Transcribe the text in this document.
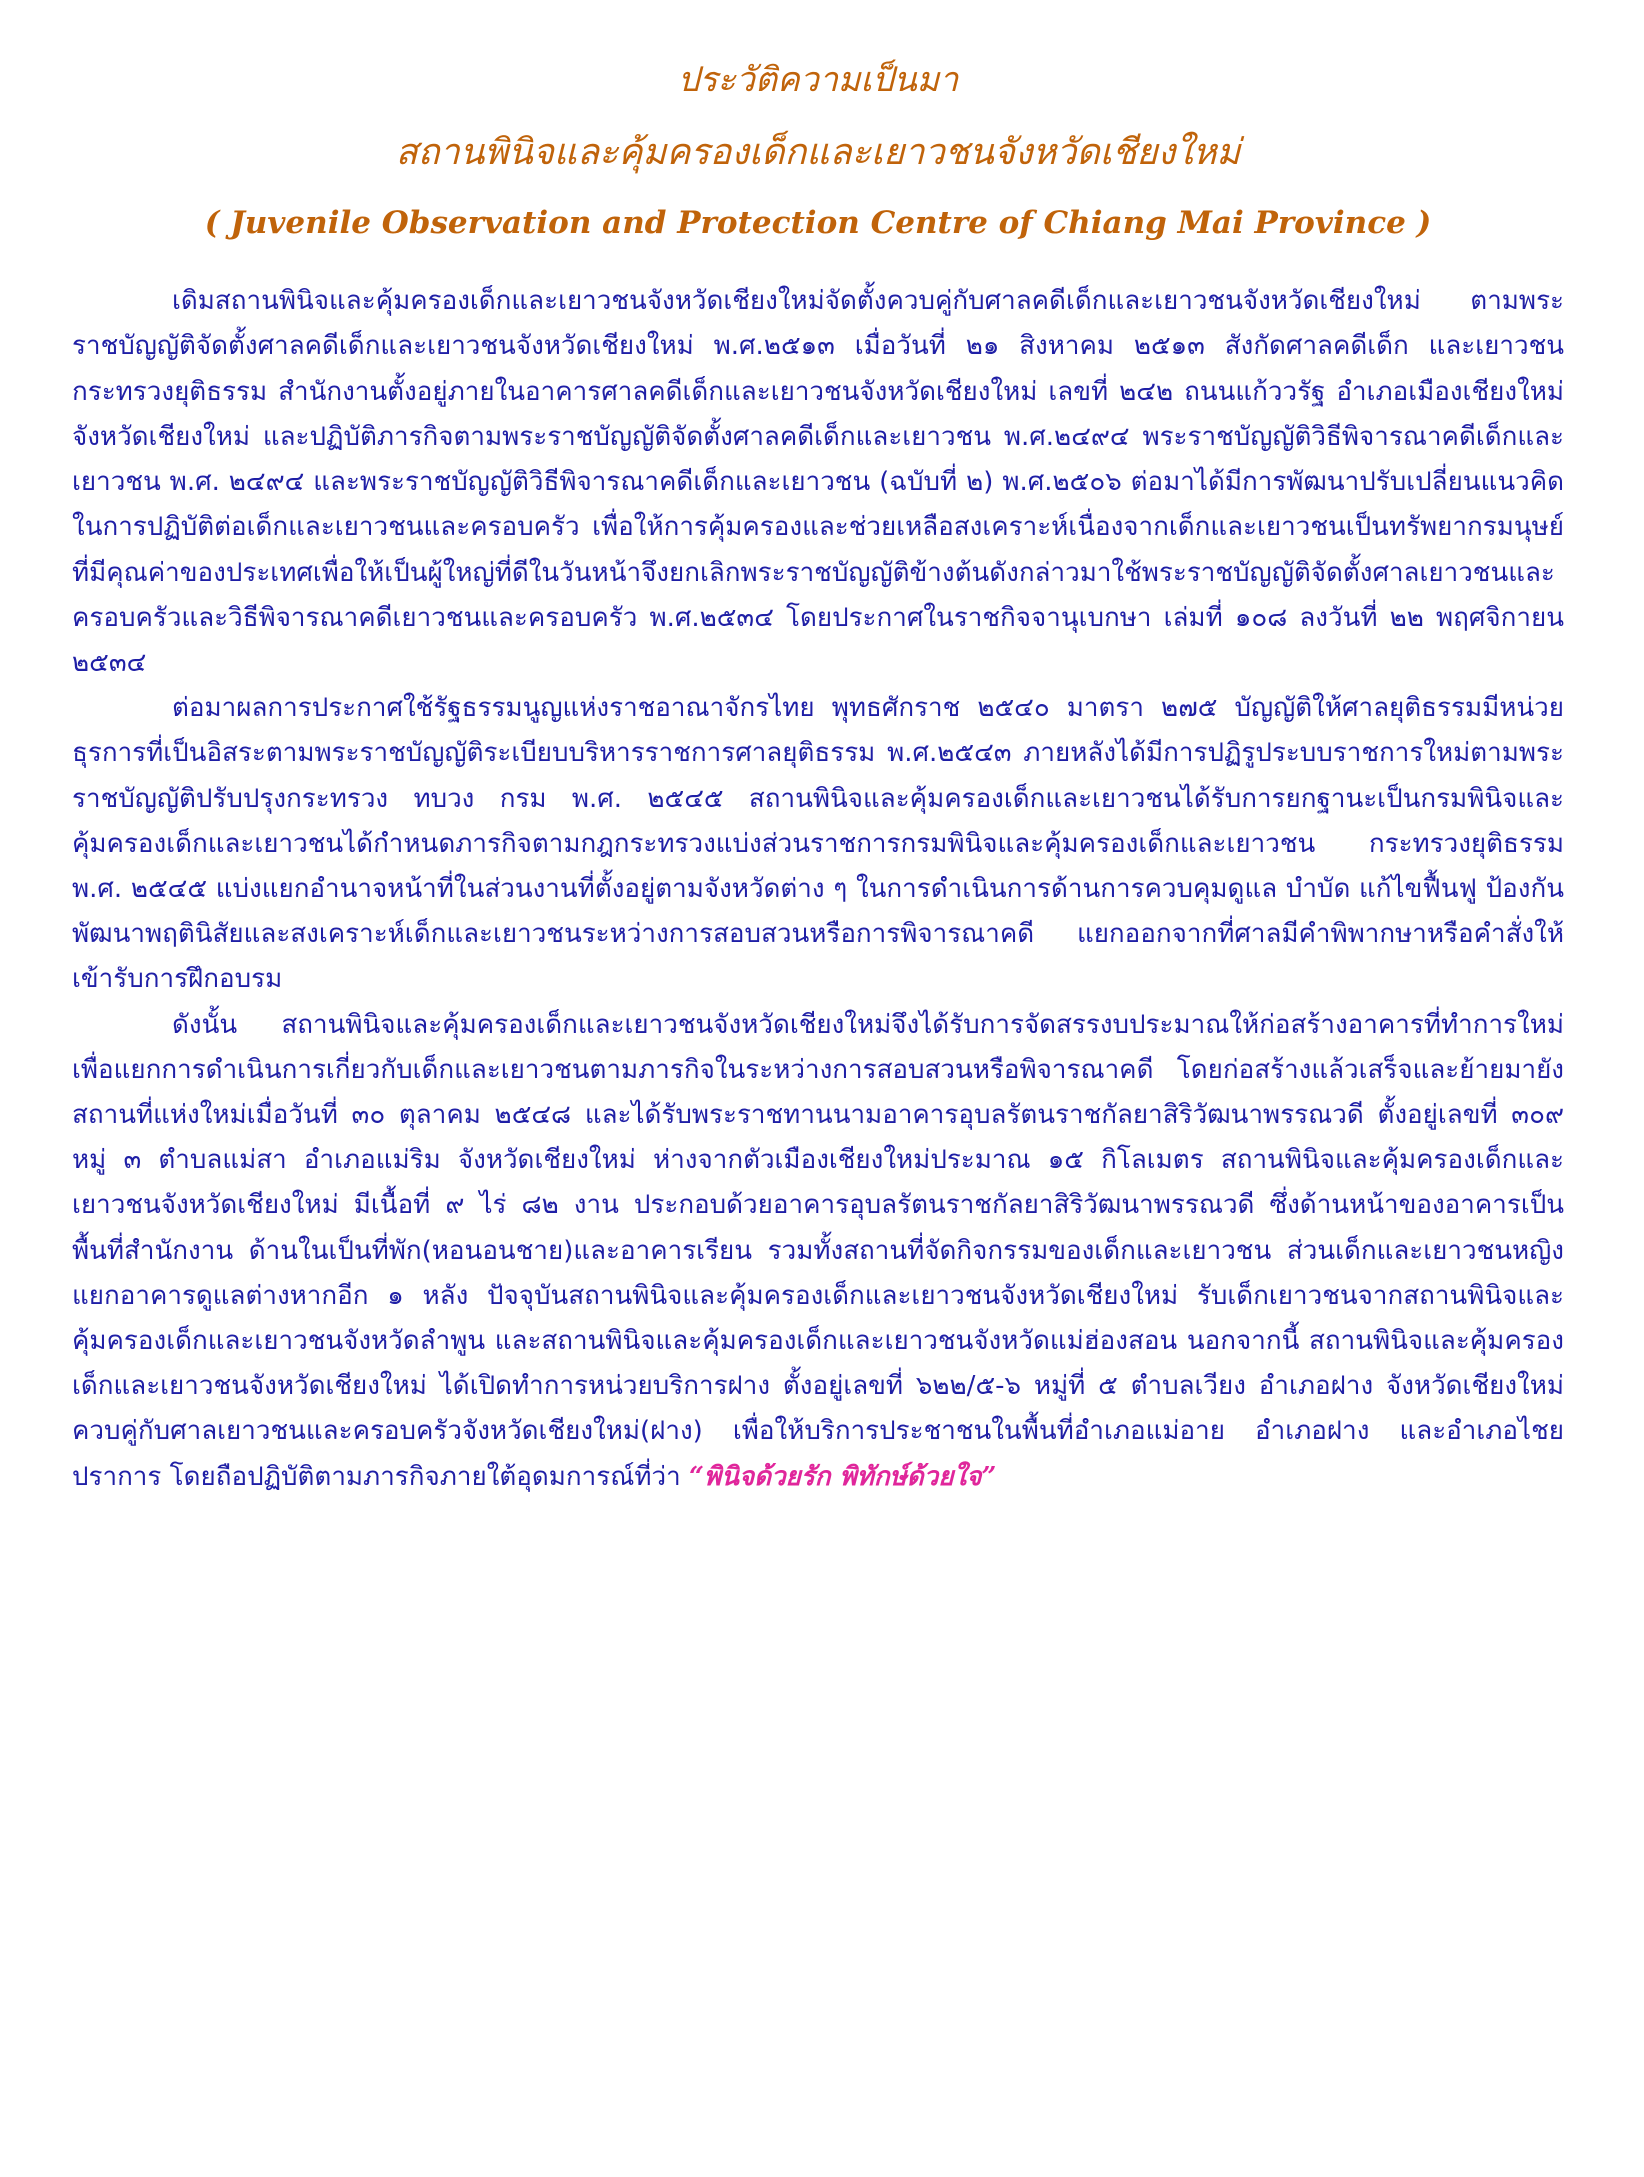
ประวัติความเป็นมา
สถานพินิจและคุ้มครองเด็กและเยาวชนจังหวัดเชียงใหม่
( Juvenile Observation and Protection Centre of Chiang Mai Province )

เดิมสถานพินิจและคุ้มครองเด็กและเยาวชนจังหวัดเชียงใหม่จัดตั้งควบคู่กับศาลคดีเด็กและเยาวชนจังหวัดเชียงใหม่ ตามพระราชบัญญัติจัดตั้งศาลคดีเด็กและเยาวชนจังหวัดเชียงใหม่ พ.ศ.๒๕๑๓ เมื่อวันที่ ๒๑ สิงหาคม ๒๕๑๓ สังกัดศาลคดีเด็ก และเยาวชน กระทรวงยุติธรรม สำนักงานตั้งอยู่ภายในอาคารศาลคดีเด็กและเยาวชนจังหวัดเชียงใหม่ เลขที่ ๒๔๒ ถนนแก้ววรัฐ อำเภอเมืองเชียงใหม่ จังหวัดเชียงใหม่ และปฏิบัติภารกิจตามพระราชบัญญัติจัดตั้งศาลคดีเด็กและเยาวชน พ.ศ.๒๔๙๔ พระราชบัญญัติวิธีพิจารณาคดีเด็กและเยาวชน พ.ศ. ๒๔๙๔ และพระราชบัญญัติวิธีพิจารณาคดีเด็กและเยาวชน (ฉบับที่ ๒) พ.ศ.๒๕๐๖ ต่อมาได้มีการพัฒนาปรับเปลี่ยนแนวคิดในการปฏิบัติต่อเด็กและเยาวชนและครอบครัว เพื่อให้การคุ้มครองและช่วยเหลือสงเคราะห์เนื่องจากเด็กและเยาวชนเป็นทรัพยากรมนุษย์ที่มีคุณค่าของประเทศเพื่อให้เป็นผู้ใหญ่ที่ดีในวันหน้าจึงยกเลิกพระราชบัญญัติข้างต้นดังกล่าวมาใช้พระราชบัญญัติจัดตั้งศาลเยาวชนและครอบครัวและวิธีพิจารณาคดีเยาวชนและครอบครัว พ.ศ.๒๕๓๔ โดยประกาศในราชกิจจานุเบกษา เล่มที่ ๑๐๘ ลงวันที่ ๒๒ พฤศจิกายน ๒๕๓๔

ต่อมาผลการประกาศใช้รัฐธรรมนูญแห่งราชอาณาจักรไทย พุทธศักราช ๒๕๔๐ มาตรา ๒๗๕ บัญญัติให้ศาลยุติธรรมมีหน่วยธุรการที่เป็นอิสระตามพระราชบัญญัติระเบียบบริหารราชการศาลยุติธรรม พ.ศ.๒๕๔๓ ภายหลังได้มีการปฏิรูประบบราชการใหม่ตามพระราชบัญญัติปรับปรุงกระทรวง ทบวง กรม พ.ศ. ๒๕๔๕ สถานพินิจและคุ้มครองเด็กและเยาวชนได้รับการยกฐานะเป็นกรมพินิจและคุ้มครองเด็กและเยาวชนได้กำหนดภารกิจตามกฎกระทรวงแบ่งส่วนราชการกรมพินิจและคุ้มครองเด็กและเยาวชน กระทรวงยุติธรรม พ.ศ. ๒๕๔๕ แบ่งแยกอำนาจหน้าที่ในส่วนงานที่ตั้งอยู่ตามจังหวัดต่าง ๆ ในการดำเนินการด้านการควบคุมดูแล บำบัด แก้ไขฟื้นฟู ป้องกัน พัฒนาพฤตินิสัยและสงเคราะห์เด็กและเยาวชนระหว่างการสอบสวนหรือการพิจารณาคดี แยกออกจากที่ศาลมีคำพิพากษาหรือคำสั่งให้เข้ารับการฝึกอบรม

ดังนั้น สถานพินิจและคุ้มครองเด็กและเยาวชนจังหวัดเชียงใหม่จึงได้รับการจัดสรรงบประมาณให้ก่อสร้างอาคารที่ทำการใหม่ เพื่อแยกการดำเนินการเกี่ยวกับเด็กและเยาวชนตามภารกิจในระหว่างการสอบสวนหรือพิจารณาคดี โดยก่อสร้างแล้วเสร็จและย้ายมายังสถานที่แห่งใหม่เมื่อวันที่ ๓๐ ตุลาคม ๒๕๔๘ และได้รับพระราชทานนามอาคารอุบลรัตนราชกัลยาสิริวัฒนาพรรณวดี ตั้งอยู่เลขที่ ๓๐๙ หมู่ ๓ ตำบลแม่สา อำเภอแม่ริม จังหวัดเชียงใหม่ ห่างจากตัวเมืองเชียงใหม่ประมาณ ๑๕ กิโลเมตร สถานพินิจและคุ้มครองเด็กและเยาวชนจังหวัดเชียงใหม่ มีเนื้อที่ ๙ ไร่ ๘๒ งาน ประกอบด้วยอาคารอุบลรัตนราชกัลยาสิริวัฒนาพรรณวดี ซึ่งด้านหน้าของอาคารเป็นพื้นที่สำนักงาน ด้านในเป็นที่พัก(หอนอนชาย)และอาคารเรียน รวมทั้งสถานที่จัดกิจกรรมของเด็กและเยาวชน ส่วนเด็กและเยาวชนหญิงแยกอาคารดูแลต่างหากอีก ๑ หลัง ปัจจุบันสถานพินิจและคุ้มครองเด็กและเยาวชนจังหวัดเชียงใหม่ รับเด็กเยาวชนจากสถานพินิจและคุ้มครองเด็กและเยาวชนจังหวัดลำพูน และสถานพินิจและคุ้มครองเด็กและเยาวชนจังหวัดแม่ฮ่องสอน นอกจากนี้ สถานพินิจและคุ้มครองเด็กและเยาวชนจังหวัดเชียงใหม่ ได้เปิดทำการหน่วยบริการฝาง ตั้งอยู่เลขที่ ๖๒๒/๕-๖ หมู่ที่ ๕ ตำบลเวียง อำเภอฝาง จังหวัดเชียงใหม่ ควบคู่กับศาลเยาวชนและครอบครัวจังหวัดเชียงใหม่(ฝาง) เพื่อให้บริการประชาชนในพื้นที่อำเภอแม่อาย อำเภอฝาง และอำเภอไชยปราการ โดยถือปฏิบัติตามภารกิจภายใต้อุดมการณ์ที่ว่า “พินิจด้วยรัก พิทักษ์ด้วยใจ”
